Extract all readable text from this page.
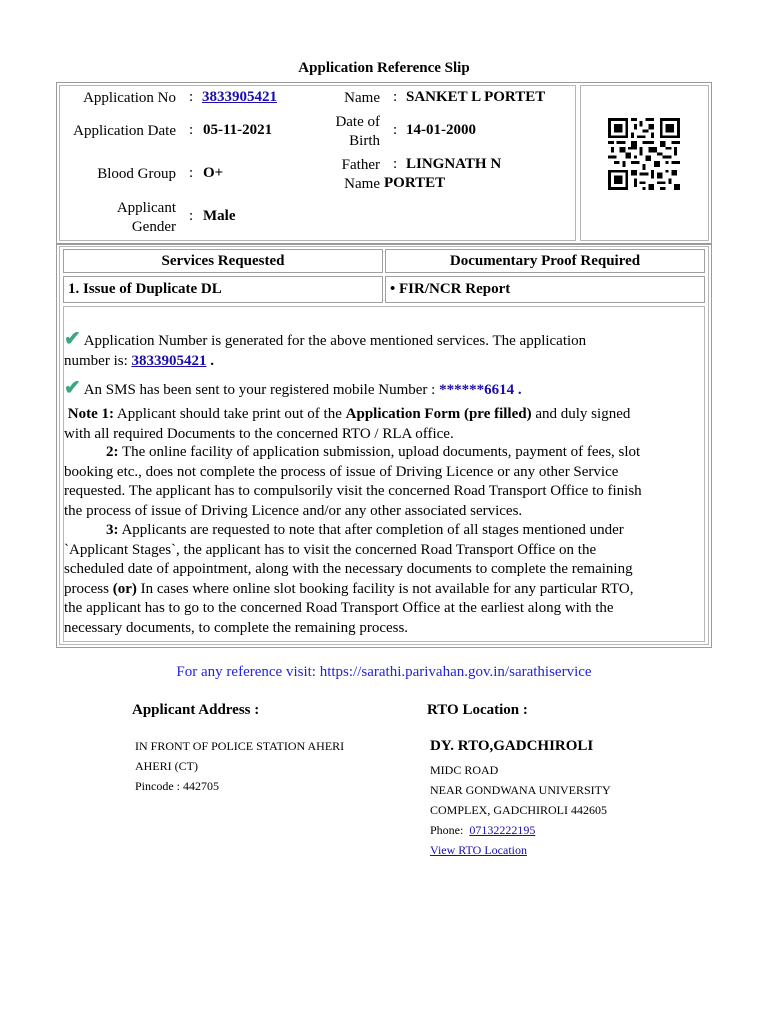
Application Reference Slip
Application No : 3833905421
Application Date : 05-11-2021
Blood Group : O+
Applicant
Gender
: Male
Name : SANKET L PORTET
Date of
Birth
: 14-01-2000
Father : LINGNATH N
Name PORTET
Services Requested	Documentary Proof Required
1. Issue of Duplicate DL	• FIR/NCR Report
✔ Application Number is generated for the above mentioned services. The application
number is: 3833905421 .
✔ An SMS has been sent to your registered mobile Number : ******6614 .
Note 1: Applicant should take print out of the Application Form (pre filled) and duly signed
with all required Documents to the concerned RTO / RLA office.
2: The online facility of application submission, upload documents, payment of fees, slot
booking etc., does not complete the process of issue of Driving Licence or any other Service
requested. The applicant has to compulsorily visit the concerned Road Transport Office to finish
the process of issue of Driving Licence and/or any other associated services.
3: Applicants are requested to note that after completion of all stages mentioned under
`Applicant Stages`, the applicant has to visit the concerned Road Transport Office on the
scheduled date of appointment, along with the necessary documents to complete the remaining
process (or) In cases where online slot booking facility is not available for any particular RTO,
the applicant has to go to the concerned Road Transport Office at the earliest along with the
necessary documents, to complete the remaining process.
For any reference visit: https://sarathi.parivahan.gov.in/sarathiservice
Applicant Address :
IN FRONT OF POLICE STATION AHERI
AHERI (CT)
Pincode : 442705
RTO Location :
DY. RTO,GADCHIROLI
MIDC ROAD
NEAR GONDWANA UNIVERSITY
COMPLEX, GADCHIROLI 442605
Phone: 07132222195
View RTO Location
